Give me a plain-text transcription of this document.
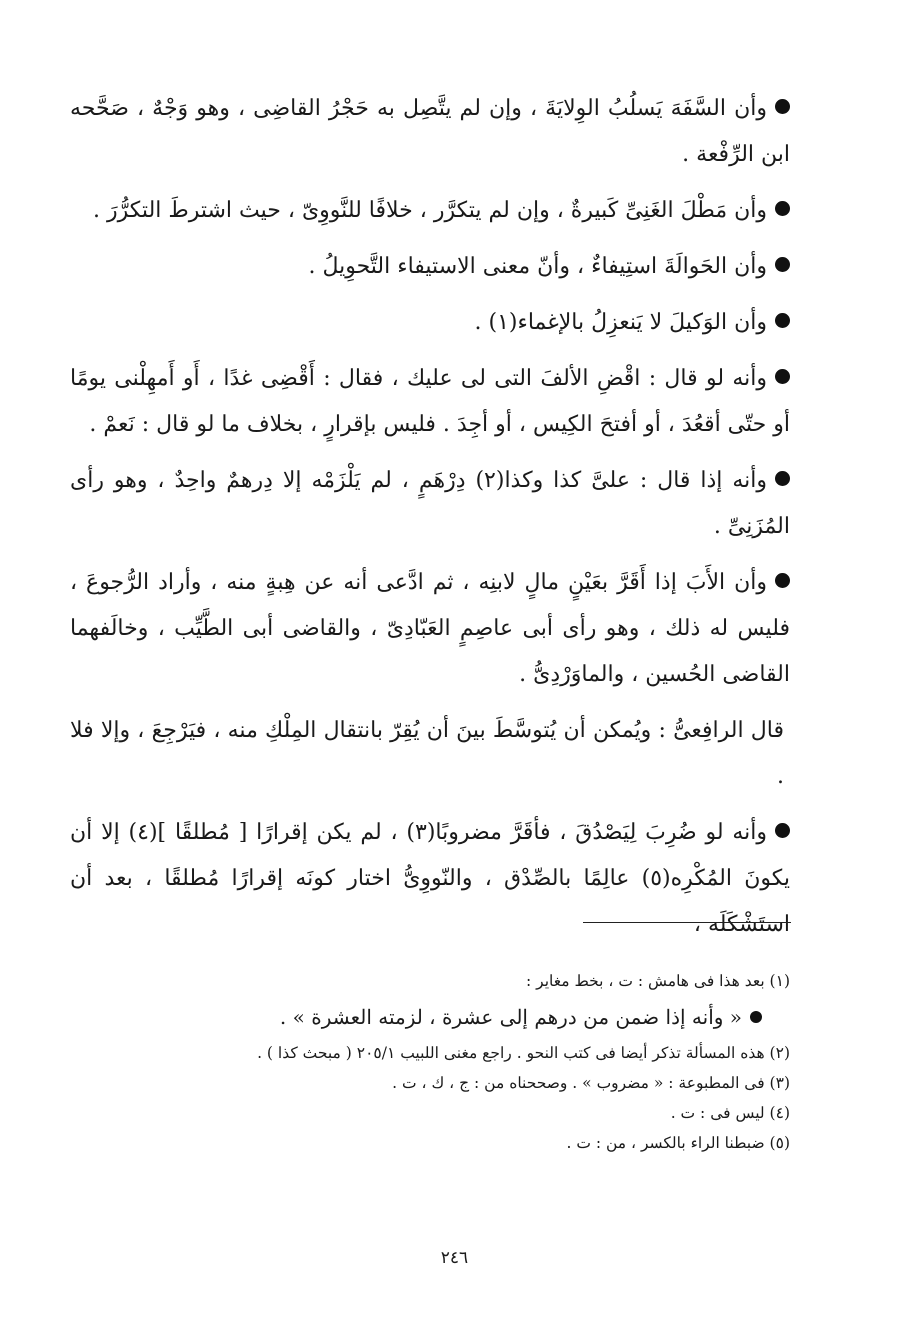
وأن السَّفَهَ يَسلُبُ الوِلايَةَ ، وإن لم يتَّصِل به حَجْرُ القاضِى ، وهو وَجْهٌ ، صَحَّحه ابن الرِّفْعة .

وأن مَطْلَ الغَنِىِّ كَبيرةٌ ، وإن لم يتكرَّر ، خلافًا للنَّووِىّ ، حيث اشترطَ التكرُّرَ .

وأن الحَوالَةَ استِيفاءٌ ، وأنّ معنى الاستيفاء التَّحوِيلُ .

وأن الوَكيلَ لا يَنعزِلُ بالإغماء(١) .

وأنه لو قال : اقْضِ الألفَ التى لى عليك ، فقال : أَقْضِى غدًا ، أَو أَمهِلْنى يومًا أو حتّى أقعُدَ ، أو أفتحَ الكِيس ، أو أجِدَ . فليس بإقرارٍ ، بخلاف ما لو قال : نَعمْ .

وأنه إذا قال : علىَّ كذا وكذا(٢) دِرْهَمٍ ، لم يَلْزَمْه إلا دِرهمٌ واحِدٌ ، وهو رأى المُزَنِىِّ .

وأن الأَبَ إذا أَقَرَّ بعَيْنٍ مالٍ لابنِه ، ثم ادَّعى أنه عن هِبةٍ منه ، وأراد الرُّجوعَ ، فليس له ذلك ، وهو رأى أبى عاصِمٍ العَبّادِىّ ، والقاضى أبى الطَّيِّب ، وخالَفهما القاضى الحُسين ، والماوَرْدِىُّ .

قال الرافِعىُّ : ويُمكن أن يُتوسَّطَ بينَ أن يُقِرّ بانتقال المِلْكِ منه ، فيَرْجِعَ ، وإلا فلا .

وأنه لو ضُرِبَ لِيَصْدُقَ ، فأقَرَّ مضروبًا(٣) ، لم يكن إقرارًا [ مُطلقًا ](٤) إلا أن يكونَ المُكْرِه(٥) عالِمًا بالصِّدْق ، والنّووِىُّ اختار كونَه إقرارًا مُطلقًا ، بعد أن استَشْكَلَه ،

(١) بعد هذا فى هامش : ت ، بخط مغاير :
« وأنه إذا ضمن من درهم إلى عشرة ، لزمته العشرة » .
(٢) هذه المسألة تذكر أيضا فى كتب النحو . راجع مغنى اللبيب ٢٠٥/١ ( مبحث كذا ) .
(٣) فى المطبوعة : « مضروب » . وصححناه من : ج ، ك ، ت .
(٤) ليس فى : ت .
(٥) ضبطنا الراء بالكسر ، من : ت .
٢٤٦
